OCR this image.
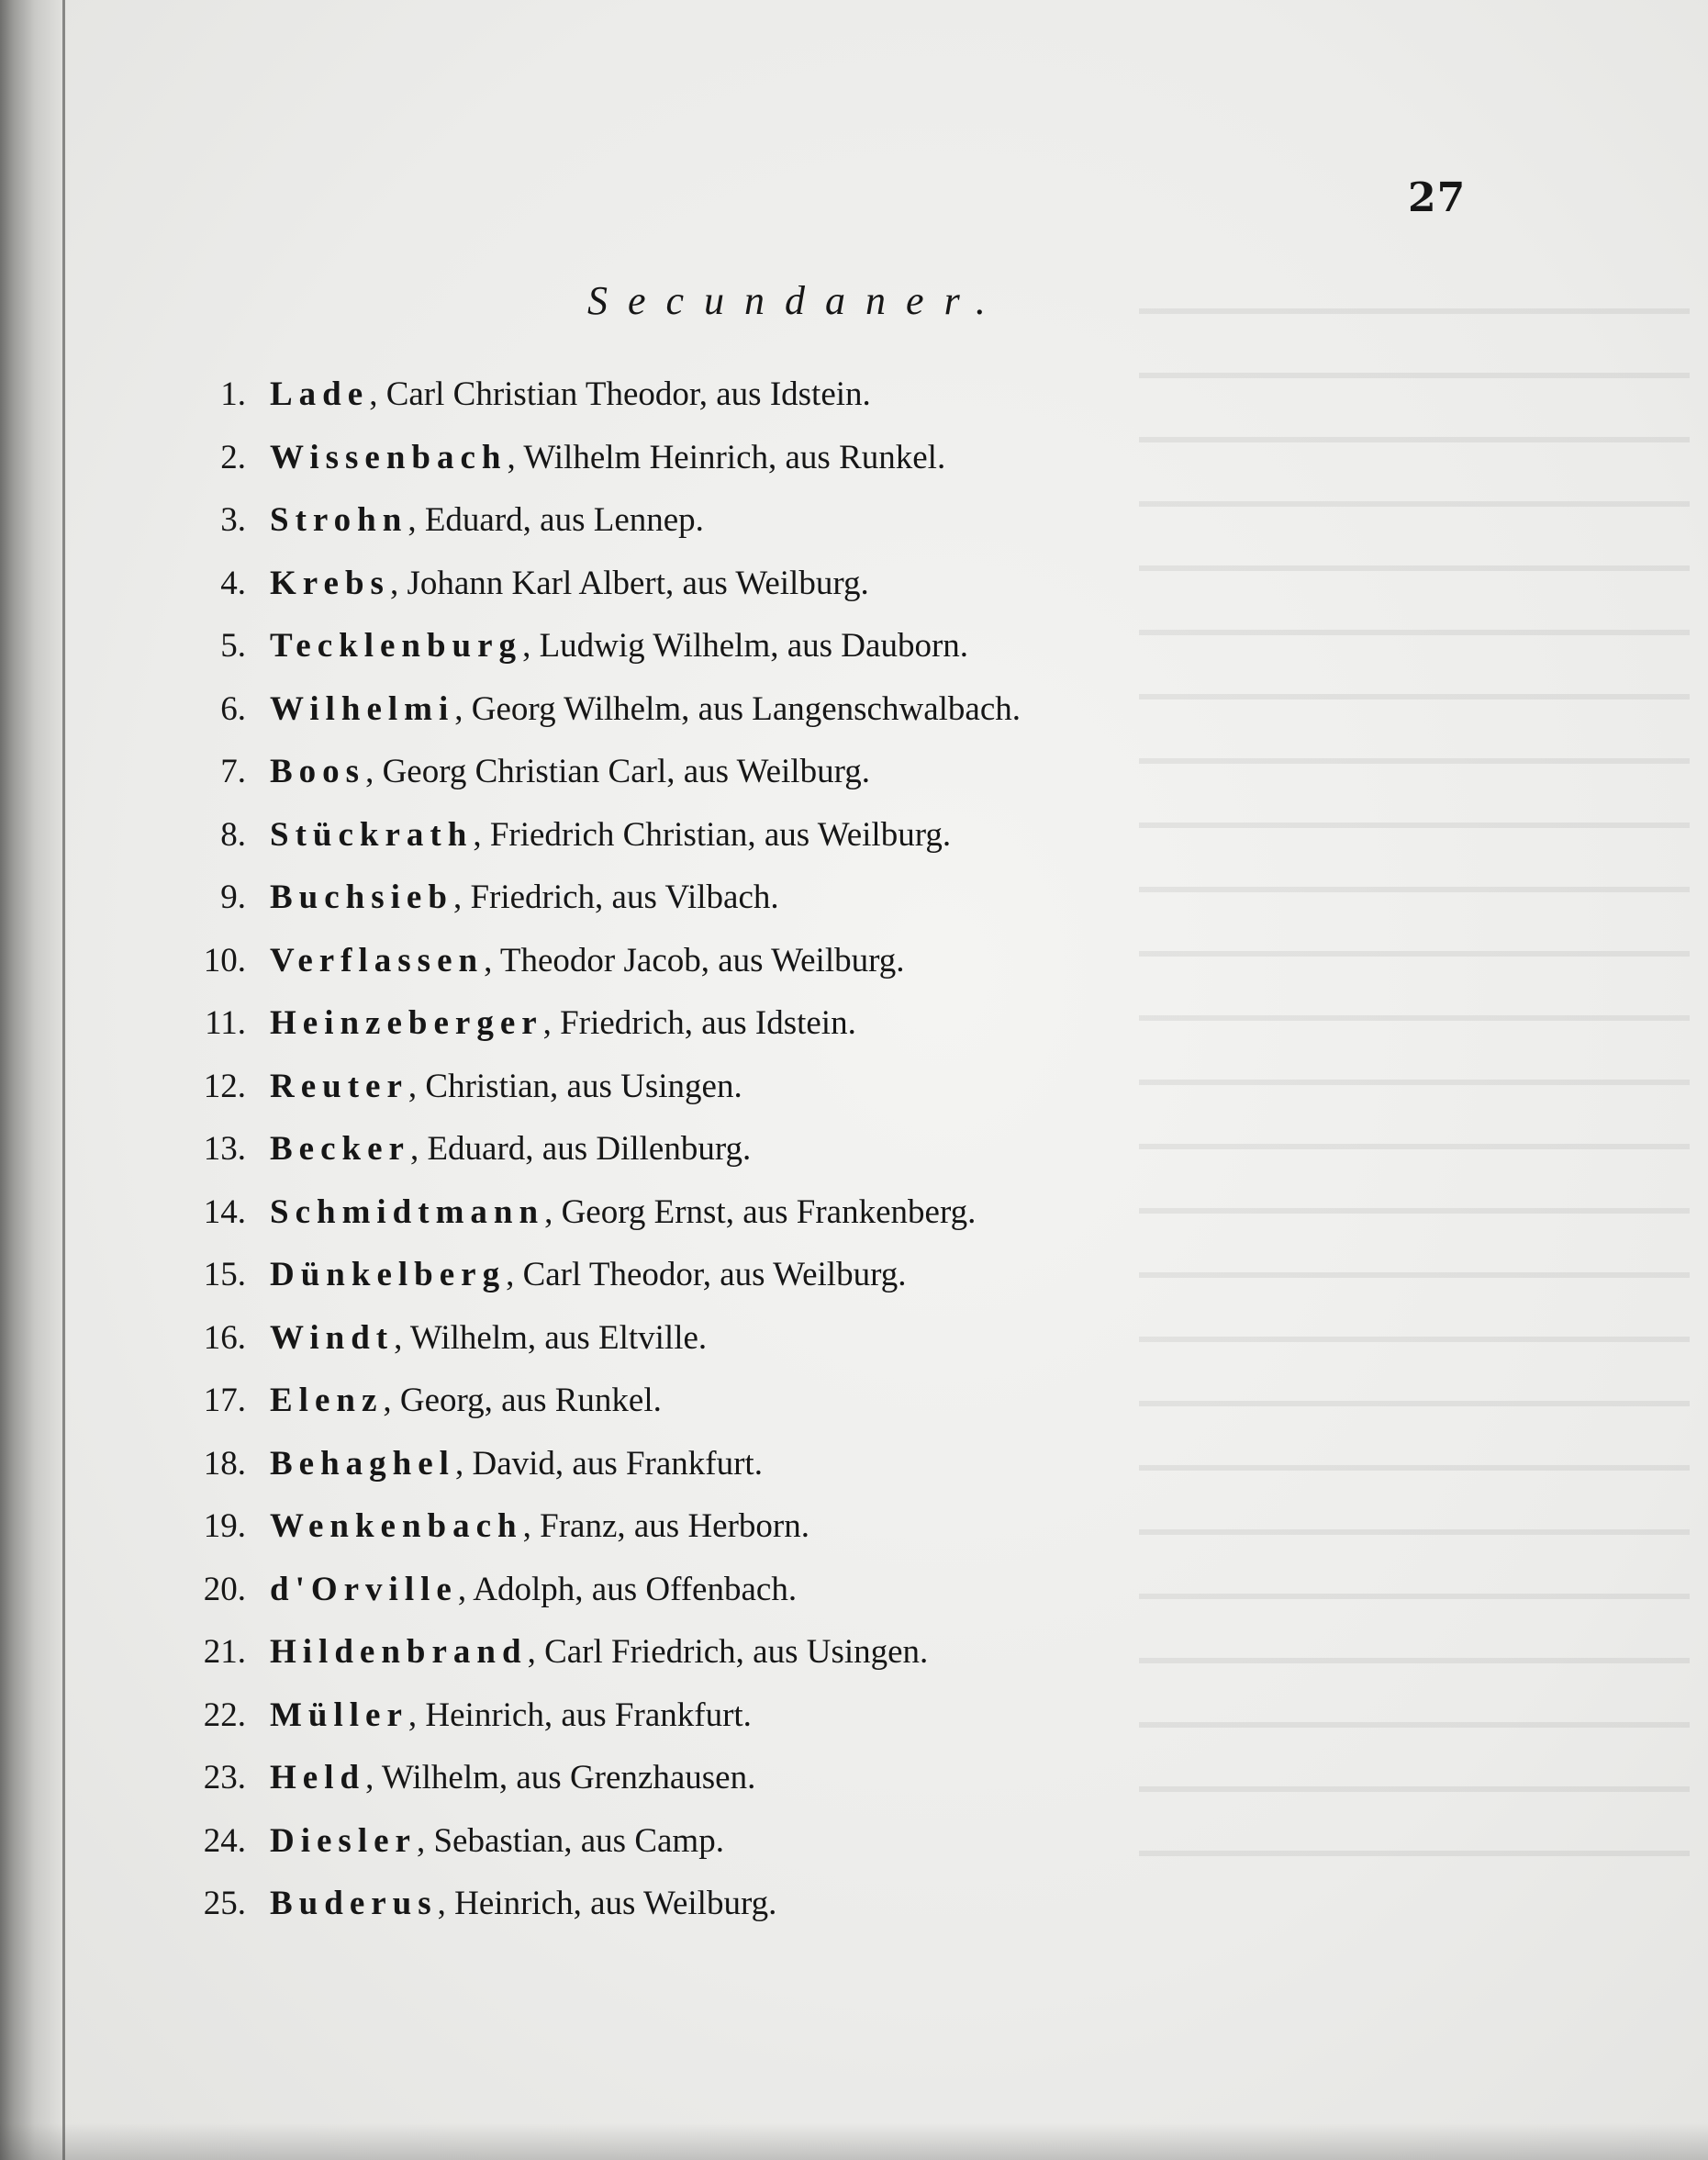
27
Secundaner.
1. Lade , Carl Christian Theodor, aus Idstein.
2. Wissenbach , Wilhelm Heinrich, aus Runkel.
3. Strohn , Eduard, aus Lennep.
4. Krebs , Johann Karl Albert, aus Weilburg.
5. Tecklenburg , Ludwig Wilhelm, aus Dauborn.
6. Wilhelmi , Georg Wilhelm, aus Langenschwalbach.
7. Boos , Georg Christian Carl, aus Weilburg.
8. Stückrath , Friedrich Christian, aus Weilburg.
9. Buchsieb , Friedrich, aus Vilbach.
10. Verflassen , Theodor Jacob, aus Weilburg.
11. Heinzeberger , Friedrich, aus Idstein.
12. Reuter , Christian, aus Usingen.
13. Becker , Eduard, aus Dillenburg.
14. Schmidtmann , Georg Ernst, aus Frankenberg.
15. Dünkelberg , Carl Theodor, aus Weilburg.
16. Windt , Wilhelm, aus Eltville.
17. Elenz , Georg, aus Runkel.
18. Behaghel , David, aus Frankfurt.
19. Wenkenbach , Franz, aus Herborn.
20. d'Orville , Adolph, aus Offenbach.
21. Hildenbrand , Carl Friedrich, aus Usingen.
22. Müller , Heinrich, aus Frankfurt.
23. Held , Wilhelm, aus Grenzhausen.
24. Diesler , Sebastian, aus Camp.
25. Buderus , Heinrich, aus Weilburg.
